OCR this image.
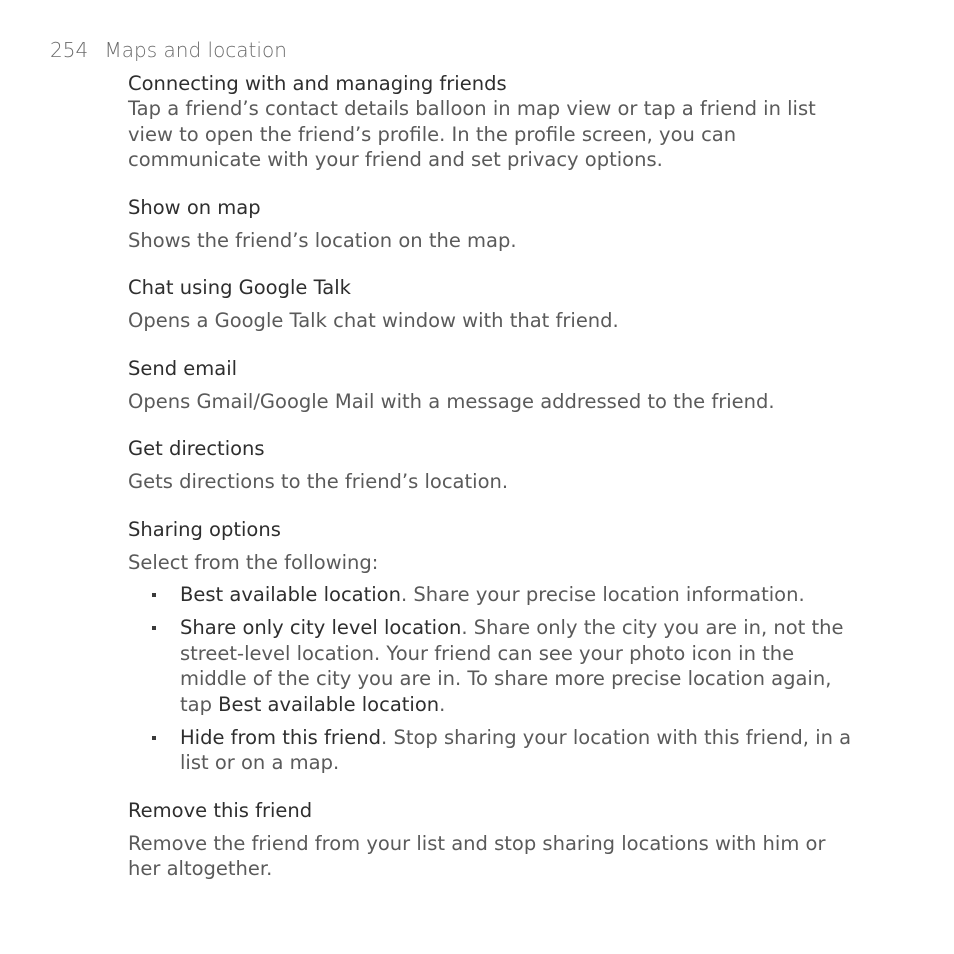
254 Maps and location
Connecting with and managing friends

Tap a friend’s contact details balloon in map view or tap a friend in list view to open the friend’s profile. In the profile screen, you can communicate with your friend and set privacy options.

Show on map

Shows the friend’s location on the map.

Chat using Google Talk

Opens a Google Talk chat window with that friend.

Send email

Opens Gmail/Google Mail with a message addressed to the friend.

Get directions

Gets directions to the friend’s location.

Sharing options

Select from the following:

Best available location. Share your precise location information.
Share only city level location. Share only the city you are in, not the street-level location. Your friend can see your photo icon in the middle of the city you are in. To share more precise location again, tap Best available location.
Hide from this friend. Stop sharing your location with this friend, in a list or on a map.
Remove this friend

Remove the friend from your list and stop sharing locations with him or her altogether.
